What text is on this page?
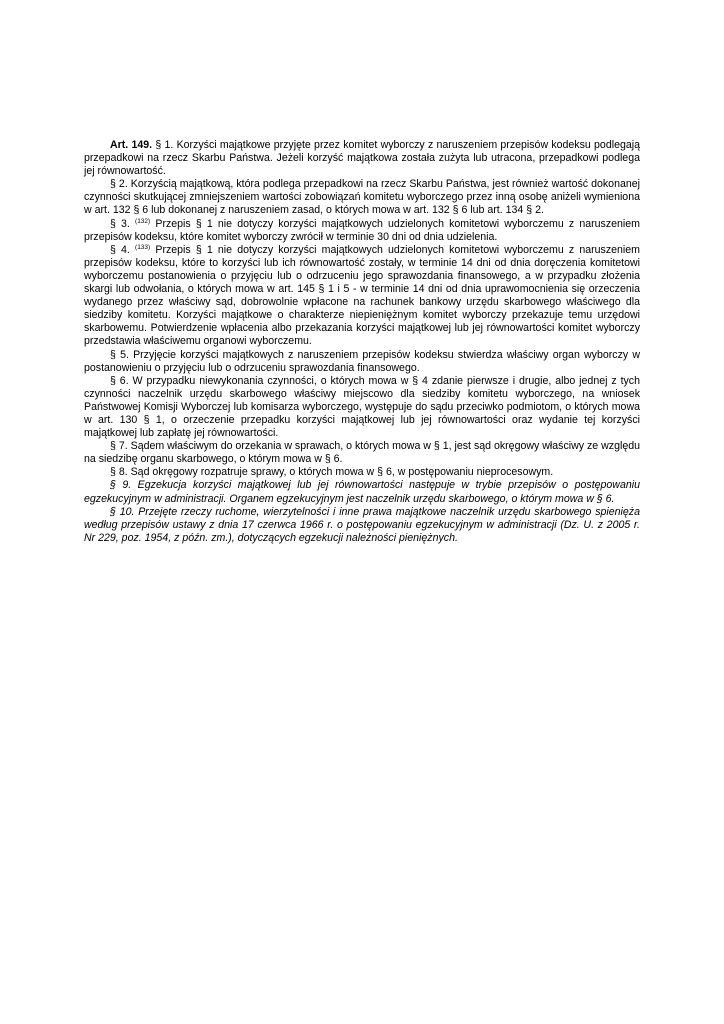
Art. 149. § 1. Korzyści majątkowe przyjęte przez komitet wyborczy z naruszeniem przepisów kodeksu podlegają przepadkowi na rzecz Skarbu Państwa. Jeżeli korzyść majątkowa została zużyta lub utracona, przepadkowi podlega jej równowartość.

§ 2. Korzyścią majątkową, która podlega przepadkowi na rzecz Skarbu Państwa, jest również wartość dokonanej czynności skutkującej zmniejszeniem wartości zobowiązań komitetu wyborczego przez inną osobę aniżeli wymieniona w art. 132 § 6 lub dokonanej z naruszeniem zasad, o których mowa w art. 132 § 6 lub art. 134 § 2.

§ 3. $^{(132)}$ Przepis § 1 nie dotyczy korzyści majątkowych udzielonych komitetowi wyborczemu z naruszeniem przepisów kodeksu, które komitet wyborczy zwrócił w terminie 30 dni od dnia udzielenia.

§ 4. $^{(133)}$ Przepis § 1 nie dotyczy korzyści majątkowych udzielonych komitetowi wyborczemu z naruszeniem przepisów kodeksu, które to korzyści lub ich równowartość zostały, w terminie 14 dni od dnia doręczenia komitetowi wyborczemu postanowienia o przyjęciu lub o odrzuceniu jego sprawozdania finansowego, a w przypadku złożenia skargi lub odwołania, o których mowa w art. 145 § 1 i 5 - w terminie 14 dni od dnia uprawomocnienia się orzeczenia wydanego przez właściwy sąd, dobrowolnie wpłacone na rachunek bankowy urzędu skarbowego właściwego dla siedziby komitetu. Korzyści majątkowe o charakterze niepieniężnym komitet wyborczy przekazuje temu urzędowi skarbowemu. Potwierdzenie wpłacenia albo przekazania korzyści majątkowej lub jej równowartości komitet wyborczy przedstawia właściwemu organowi wyborczemu.

§ 5. Przyjęcie korzyści majątkowych z naruszeniem przepisów kodeksu stwierdza właściwy organ wyborczy w postanowieniu o przyjęciu lub o odrzuceniu sprawozdania finansowego.

§ 6. W przypadku niewykonania czynności, o których mowa w § 4 zdanie pierwsze i drugie, albo jednej z tych czynności naczelnik urzędu skarbowego właściwy miejscowo dla siedziby komitetu wyborczego, na wniosek Państwowej Komisji Wyborczej lub komisarza wyborczego, występuje do sądu przeciwko podmiotom, o których mowa w art. 130 § 1, o orzeczenie przepadku korzyści majątkowej lub jej równowartości oraz wydanie tej korzyści majątkowej lub zapłatę jej równowartości.

§ 7. Sądem właściwym do orzekania w sprawach, o których mowa w § 1, jest sąd okręgowy właściwy ze względu na siedzibę organu skarbowego, o którym mowa w § 6.

§ 8. Sąd okręgowy rozpatruje sprawy, o których mowa w § 6, w postępowaniu nieprocesowym.

§ 9. Egzekucja korzyści majątkowej lub jej równowartości następuje w trybie przepisów o postępowaniu egzekucyjnym w administracji. Organem egzekucyjnym jest naczelnik urzędu skarbowego, o którym mowa w § 6.

§ 10. Przejęte rzeczy ruchome, wierzytelności i inne prawa majątkowe naczelnik urzędu skarbowego spienięża według przepisów ustawy z dnia 17 czerwca 1966 r. o postępowaniu egzekucyjnym w administracji (Dz. U. z 2005 r. Nr 229, poz. 1954, z późn. zm.), dotyczących egzekucji należności pieniężnych.
